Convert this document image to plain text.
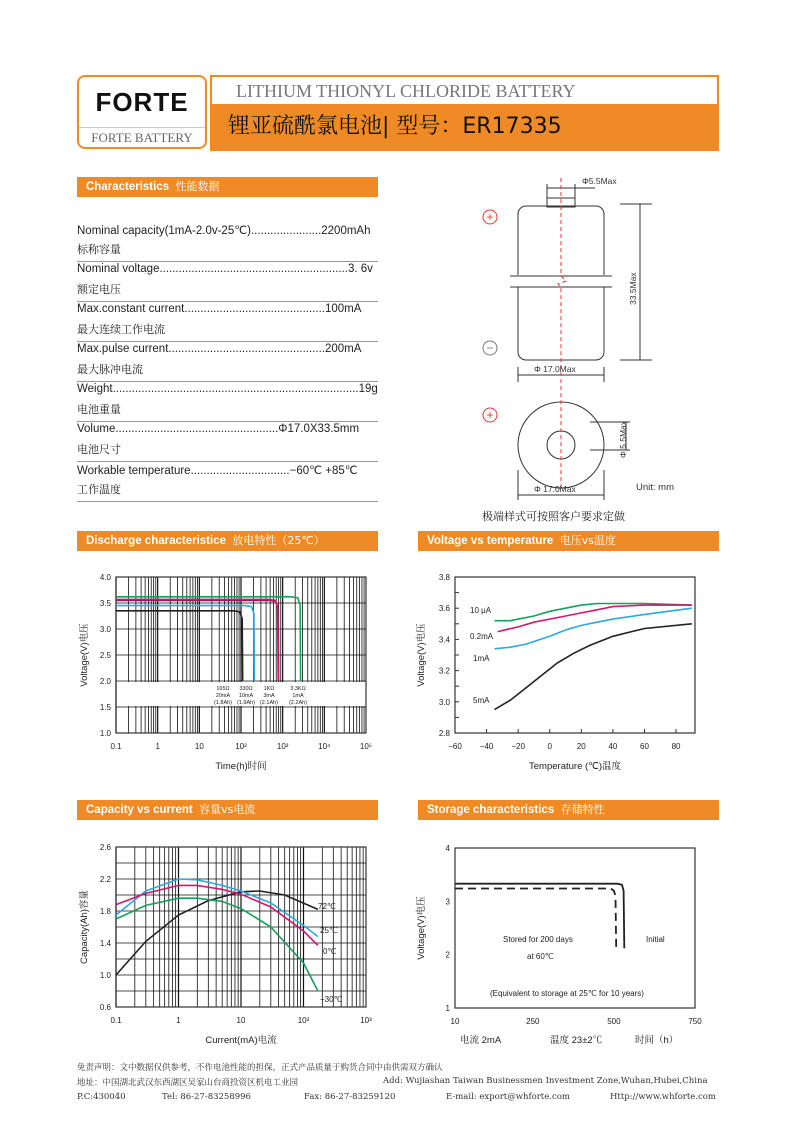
FORTE
FORTE BATTERY
LITHIUM THIONYL CHLORIDE BATTERY
锂亚硫酰氯电池| 型号：ER17335
Characteristics 性能数据
Nominal capacity(1mA-2.0v-25℃)......................2200mAh
标称容量
Nominal voltage...........................................................3. 6v
额定电压
Max.constant current............................................100mA
最大连续工作电流
Max.pulse current.................................................200mA
最大脉冲电流
Weight.............................................................................19g
电池重量
Volume...................................................Φ17.0X33.5mm
电池尺寸
Workable temperature...............................−60℃ +85℃
工作温度
Φ5.5Max
33.5Max
Φ 17.0Max
Φ 5.5Max
Φ 17.0Max	Unit: mm
+
−
+
极端样式可按照客户要求定做
Discharge characteristice 放电特性（25℃）	Voltage vs temperature 电压vs温度
Capacity vs current 容量vs电流	Storage characteristics 存储特性
1.0
1.5
2.0
2.5
3.0
3.5
4.0
0.1	1	10	10²	10³	10⁴	10⁵
165Ω
20mA
(1.8Ah)
330Ω
10mA
(1.9Ah)
1KΩ
3mA
(2.1Ah)
3.3KΩ
1mA
(2.2Ah)
Time(h)时间
Voltage(V)电压
2.8
3.0
3.2
3.4
3.6
3.8
−60 −40 −20	0	20	40	60	80
10 μA
0.2mA
1mA
5mA
Temperature (℃)温度
Voltage(V)电压
0.6
1.0
1.4
1.8
2.2
2.6
0.1	1	10	10²	10³
72℃
25℃
0℃
−30℃
Current(mA)电流
Capacity(Ah)容量
1
2
3
4
10	250	500	750
Stored for 200 days
at 60℃
Initial
(Equivalent to storage at 25℃ for 10 years)
电流 2mA	温度 23±2℃	时间（h）
Voltage(V)电压
免责声明：文中数据仅供参考，不作电池性能的担保，正式产品质量于购货合同中由供需双方确认
地址：中国湖北武汉东西湖区吴家山台商投资区机电工业园	Add: Wujiashan Taiwan Businessmen Investment Zone,Wuhan,Hubei,China
P.C:430040	Tel: 86-27-83258996	Fax: 86-27-83259120	E-mail: export@whforte.com	Http://www.whforte.com
